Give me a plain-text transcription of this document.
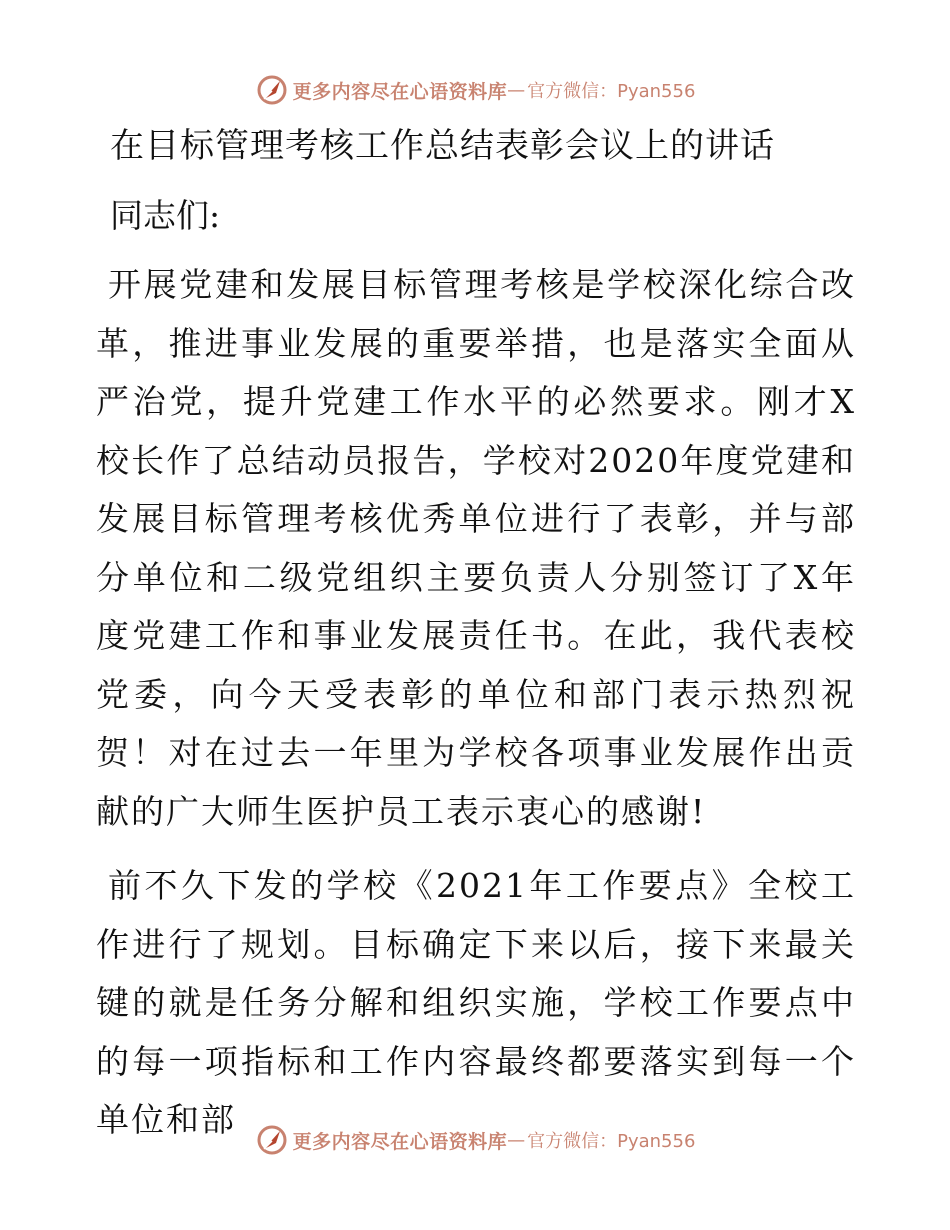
更多内容尽在心语资料库 — 官方微信：Pyan556
在目标管理考核工作总结表彰会议上的讲话
同志们:

开展党建和发展目标管理考核是学校深化综合改革，推进事业发展的重要举措，也是落实全面从严治党，提升党建工作水平的必然要求。刚才X校长作了总结动员报告，学校对2020年度党建和发展目标管理考核优秀单位进行了表彰，并与部分单位和二级党组织主要负责人分别签订了X年度党建工作和事业发展责任书。在此，我代表校党委，向今天受表彰的单位和部门表示热烈祝贺！对在过去一年里为学校各项事业发展作出贡献的广大师生医护员工表示衷心的感谢!

前不久下发的学校《2021年工作要点》全校工作进行了规划。目标确定下来以后，接下来最关键的就是任务分解和组织实施，学校工作要点中的每一项指标和工作内容最终都要落实到每一个单位和部

更多内容尽在心语资料库 — 官方微信：Pyan556
